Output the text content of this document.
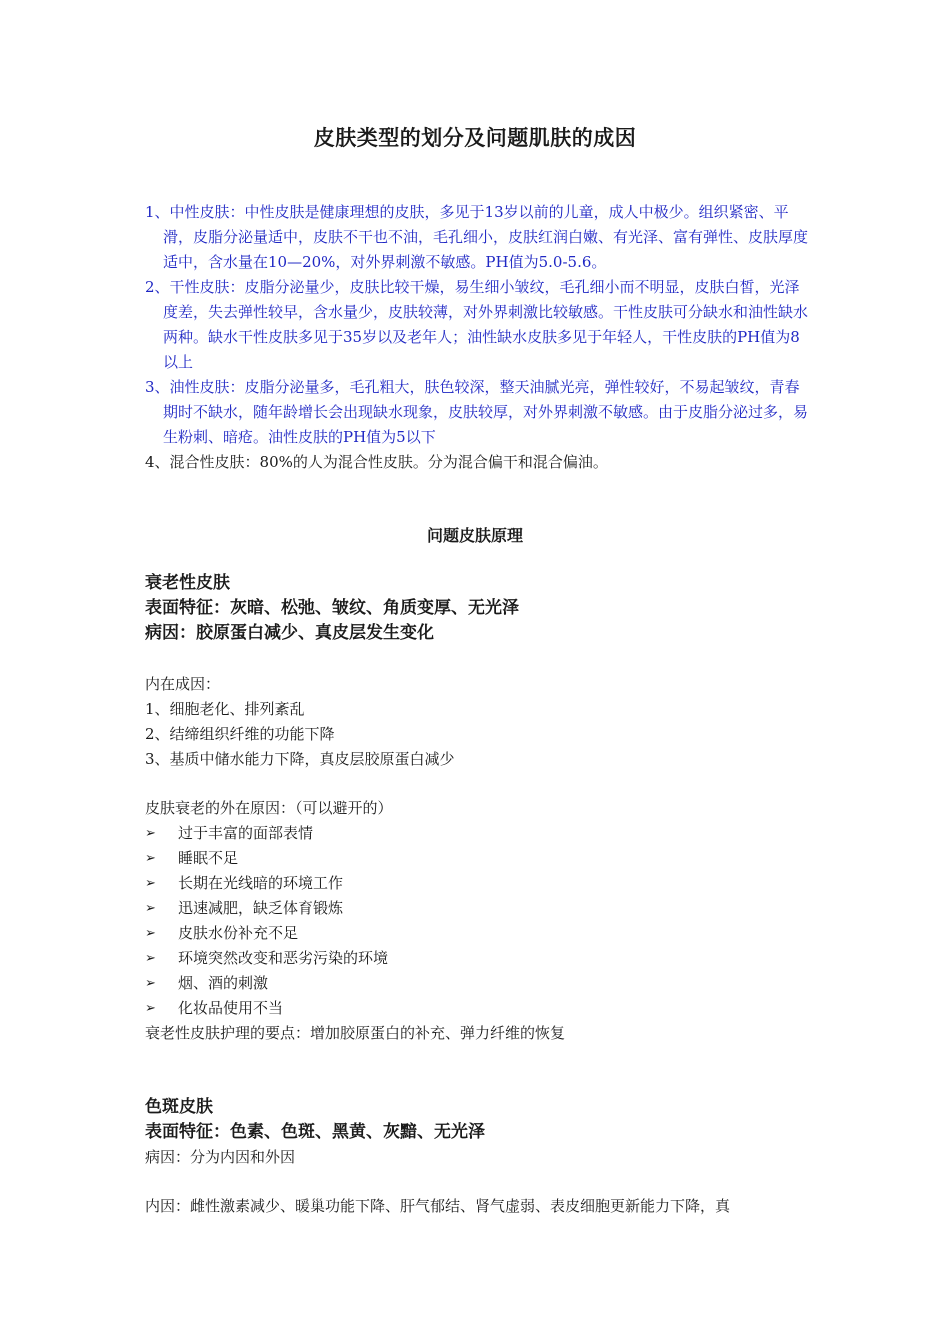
皮肤类型的划分及问题肌肤的成因
1、中性皮肤：中性皮肤是健康理想的皮肤，多见于13岁以前的儿童，成人中极少。组织紧密、平滑，皮脂分泌量适中，皮肤不干也不油，毛孔细小，皮肤红润白嫩、有光泽、富有弹性、皮肤厚度适中，含水量在10—20%，对外界刺激不敏感。PH值为5.0-5.6。
2、干性皮肤：皮脂分泌量少，皮肤比较干燥，易生细小皱纹，毛孔细小而不明显，皮肤白皙，光泽度差，失去弹性较早，含水量少，皮肤较薄，对外界刺激比较敏感。干性皮肤可分缺水和油性缺水两种。缺水干性皮肤多见于35岁以及老年人；油性缺水皮肤多见于年轻人，干性皮肤的PH值为8以上
3、油性皮肤：皮脂分泌量多，毛孔粗大，肤色较深，整天油腻光亮，弹性较好，不易起皱纹，青春期时不缺水，随年龄增长会出现缺水现象，皮肤较厚，对外界刺激不敏感。由于皮脂分泌过多，易生粉刺、暗疮。油性皮肤的PH值为5以下
4、混合性皮肤：80%的人为混合性皮肤。分为混合偏干和混合偏油。
问题皮肤原理
衰老性皮肤
表面特征：灰暗、松弛、皱纹、角质变厚、无光泽
病因：胶原蛋白减少、真皮层发生变化
内在成因：
1、细胞老化、排列紊乱
2、结缔组织纤维的功能下降
3、基质中储水能力下降，真皮层胶原蛋白减少
皮肤衰老的外在原因：（可以避开的）
➢ 过于丰富的面部表情
➢ 睡眠不足
➢ 长期在光线暗的环境工作
➢ 迅速减肥，缺乏体育锻炼
➢ 皮肤水份补充不足
➢ 环境突然改变和恶劣污染的环境
➢ 烟、酒的刺激
➢ 化妆品使用不当
衰老性皮肤护理的要点：增加胶原蛋白的补充、弹力纤维的恢复
色斑皮肤
表面特征：色素、色斑、黑黄、灰黯、无光泽
病因：分为内因和外因
内因：雌性激素减少、暖巢功能下降、肝气郁结、肾气虚弱、表皮细胞更新能力下降，真
